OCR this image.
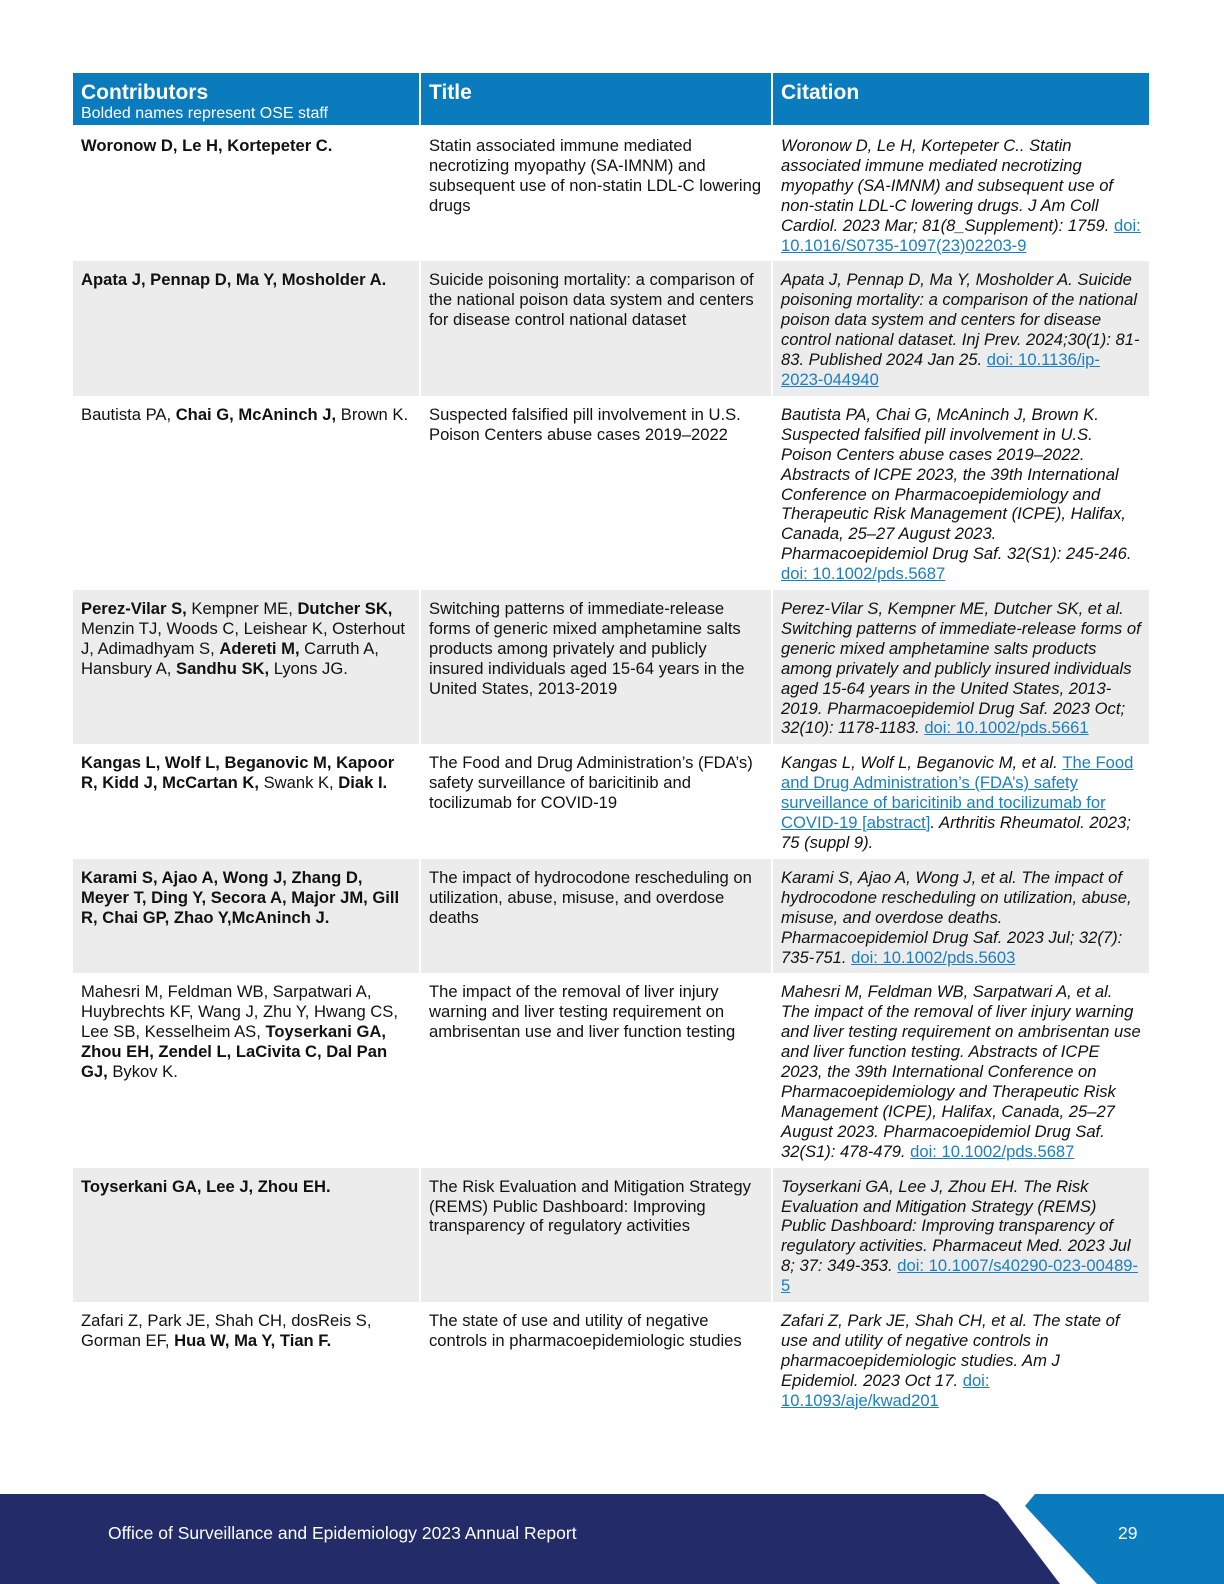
Contributors
Bolded names represent OSE staff	Title	Citation

Woronow D, Le H, Kortepeter C.	Statin associated immune mediated necrotizing myopathy (SA-IMNM) and subsequent use of non-statin LDL-C lowering drugs	Woronow D, Le H, Kortepeter C.. Statin associated immune mediated necrotizing myopathy (SA-IMNM) and subsequent use of non-statin LDL-C lowering drugs. J Am Coll Cardiol. 2023 Mar; 81(8_Supplement): 1759. doi: 10.1016/S0735-1097(23)02203-9
Apata J, Pennap D, Ma Y, Mosholder A.	Suicide poisoning mortality: a comparison of the national poison data system and centers for disease control national dataset	Apata J, Pennap D, Ma Y, Mosholder A. Suicide poisoning mortality: a comparison of the national poison data system and centers for disease control national dataset. Inj Prev. 2024;30(1): 81-83. Published 2024 Jan 25. doi: 10.1136/ip-2023-044940
Bautista PA, Chai G, McAninch J, Brown K.	Suspected falsified pill involvement in U.S. Poison Centers abuse cases 2019–2022	Bautista PA, Chai G, McAninch J, Brown K. Suspected falsified pill involvement in U.S. Poison Centers abuse cases 2019–2022. Abstracts of ICPE 2023, the 39th International Conference on Pharmacoepidemiology and Therapeutic Risk Management (ICPE), Halifax, Canada, 25–27 August 2023. Pharmacoepidemiol Drug Saf. 32(S1): 245-246. doi: 10.1002/pds.5687
Perez-Vilar S, Kempner ME, Dutcher SK, Menzin TJ, Woods C, Leishear K, Osterhout J, Adimadhyam S, Adereti M, Carruth A, Hansbury A, Sandhu SK, Lyons JG.	Switching patterns of immediate-release forms of generic mixed amphetamine salts products among privately and publicly insured individuals aged 15-64 years in the United States, 2013-2019	Perez-Vilar S, Kempner ME, Dutcher SK, et al. Switching patterns of immediate-release forms of generic mixed amphetamine salts products among privately and publicly insured individuals aged 15-64 years in the United States, 2013-2019. Pharmacoepidemiol Drug Saf. 2023 Oct; 32(10): 1178-1183. doi: 10.1002/pds.5661
Kangas L, Wolf L, Beganovic M, Kapoor R, Kidd J, McCartan K, Swank K, Diak I.	The Food and Drug Administration’s (FDA’s) safety surveillance of baricitinib and tocilizumab for COVID-19	Kangas L, Wolf L, Beganovic M, et al. The Food and Drug Administration’s (FDA’s) safety surveillance of baricitinib and tocilizumab for COVID-19 [abstract]. Arthritis Rheumatol. 2023; 75 (suppl 9).
Karami S, Ajao A, Wong J, Zhang D, Meyer T, Ding Y, Secora A, Major JM, Gill R, Chai GP, Zhao Y,McAninch J.	The impact of hydrocodone rescheduling on utilization, abuse, misuse, and overdose deaths	Karami S, Ajao A, Wong J, et al. The impact of hydrocodone rescheduling on utilization, abuse, misuse, and overdose deaths. Pharmacoepidemiol Drug Saf. 2023 Jul; 32(7): 735-751. doi: 10.1002/pds.5603
Mahesri M, Feldman WB, Sarpatwari A, Huybrechts KF, Wang J, Zhu Y, Hwang CS, Lee SB, Kesselheim AS, Toyserkani GA, Zhou EH, Zendel L, LaCivita C, Dal Pan GJ, Bykov K.	The impact of the removal of liver injury warning and liver testing requirement on ambrisentan use and liver function testing	Mahesri M, Feldman WB, Sarpatwari A, et al. The impact of the removal of liver injury warning and liver testing requirement on ambrisentan use and liver function testing. Abstracts of ICPE 2023, the 39th International Conference on Pharmacoepidemiology and Therapeutic Risk Management (ICPE), Halifax, Canada, 25–27 August 2023. Pharmacoepidemiol Drug Saf. 32(S1): 478-479. doi: 10.1002/pds.5687
Toyserkani GA, Lee J, Zhou EH.	The Risk Evaluation and Mitigation Strategy (REMS) Public Dashboard: Improving transparency of regulatory activities	Toyserkani GA, Lee J, Zhou EH. The Risk Evaluation and Mitigation Strategy (REMS) Public Dashboard: Improving transparency of regulatory activities. Pharmaceut Med. 2023 Jul 8; 37: 349-353. doi: 10.1007/s40290-023-00489-5
Zafari Z, Park JE, Shah CH, dosReis S, Gorman EF, Hua W, Ma Y, Tian F.	The state of use and utility of negative controls in pharmacoepidemiologic studies	Zafari Z, Park JE, Shah CH, et al. The state of use and utility of negative controls in pharmacoepidemiologic studies. Am J Epidemiol. 2023 Oct 17. doi: 10.1093/aje/kwad201
Office of Surveillance and Epidemiology 2023 Annual Report	29
